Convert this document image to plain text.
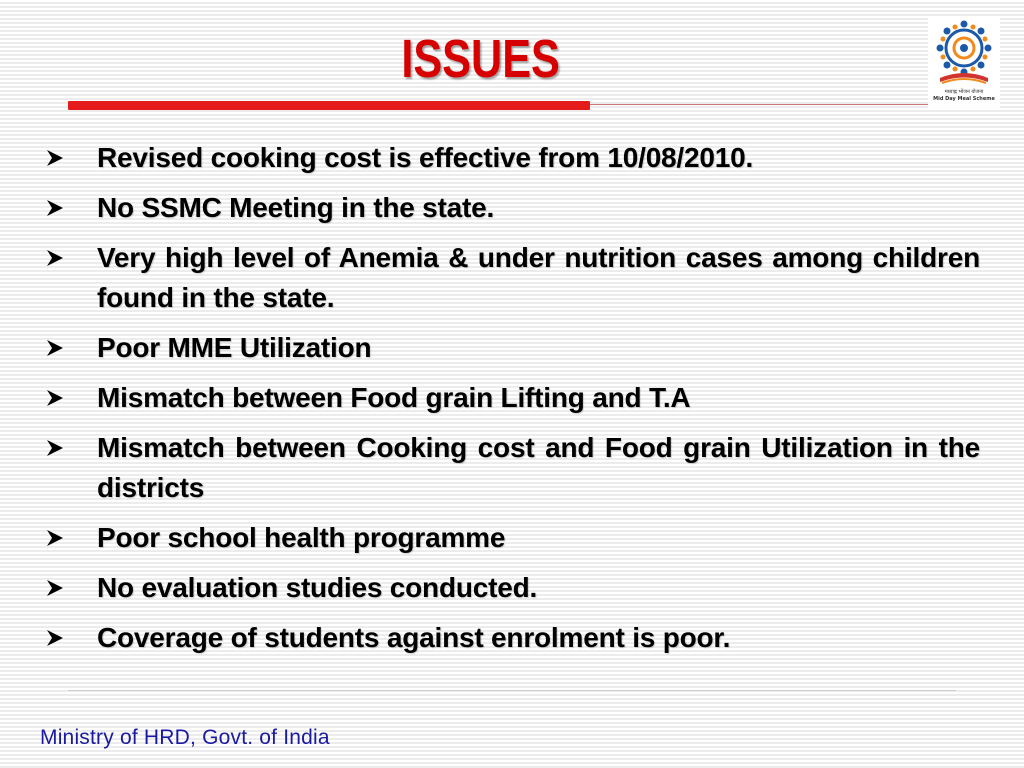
ISSUES
मध्याह्न भोजन योजना
Mid Day Meal Scheme
Revised cooking cost is effective from 10/08/2010.
No SSMC Meeting in the state.
Very high level of Anemia & under nutrition cases among children found in the state.
Poor MME Utilization
Mismatch between Food grain Lifting and T.A
Mismatch between Cooking cost and Food grain Utilization in the districts
Poor school health programme
No evaluation studies conducted.
Coverage of students against enrolment is poor.
Ministry of HRD, Govt. of India
